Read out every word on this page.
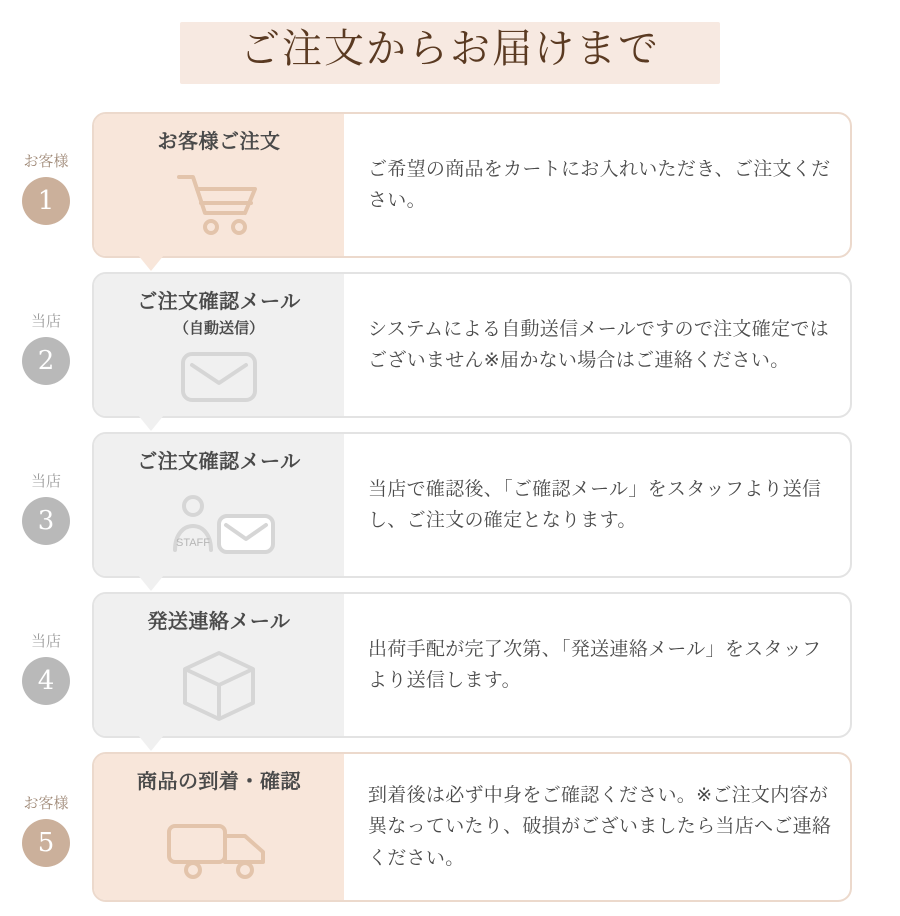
ご注文からお届けまで
お客様
1
お客様ご注文
ご希望の商品をカートにお入れいただき、ご注文ください。
当店
2
ご注文確認メール
（自動送信）	システムによる自動送信メールですので注文確定ではございません※届かない場合はご連絡ください。
当店
3
ご注文確認メール
STAFF
当店で確認後、「ご確認メール」をスタッフより送信し、ご注文の確定となります。
当店
4
発送連絡メール
出荷手配が完了次第、「発送連絡メール」をスタッフより送信します。
お客様
5
商品の到着・確認
到着後は必ず中身をご確認ください。※ご注文内容が異なっていたり、破損がございましたら当店へご連絡ください。
